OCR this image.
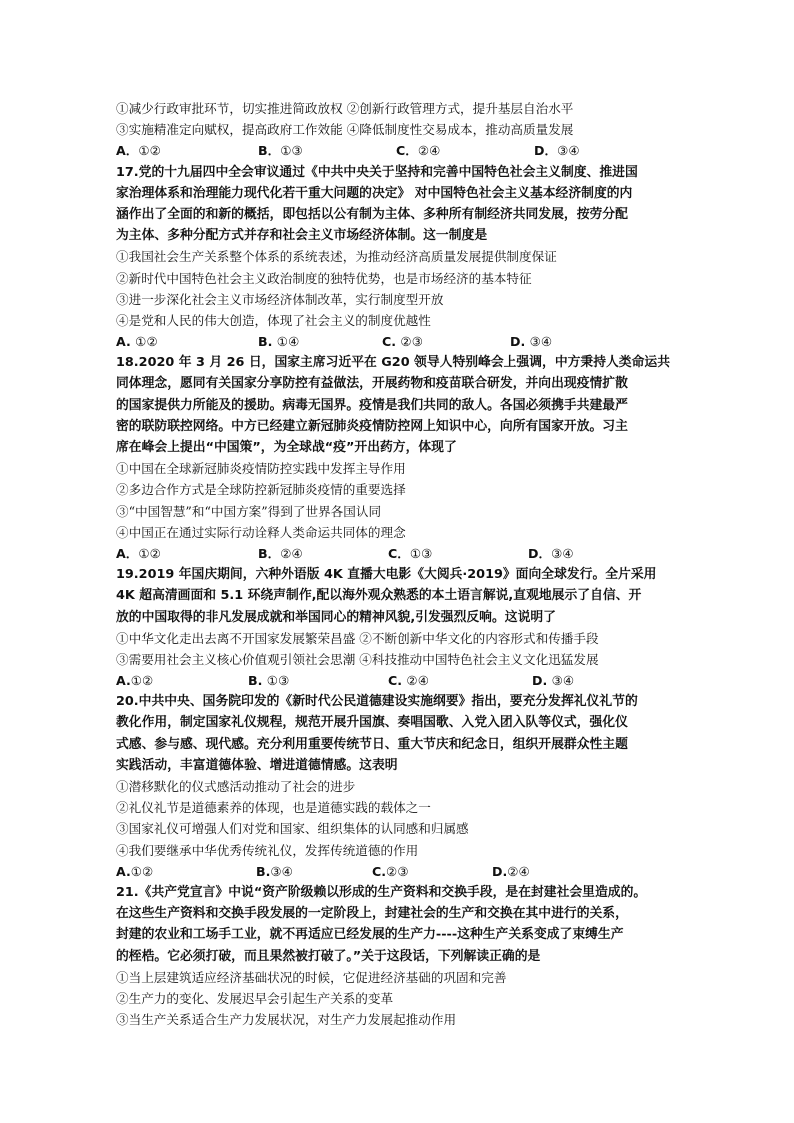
①减少行政审批环节，切实推进简政放权 ②创新行政管理方式，提升基层自治水平
③实施精准定向赋权，提高政府工作效能 ④降低制度性交易成本，推动高质量发展
A．①②	B．①③	C．②④	D．③④
17.党的十九届四中全会审议通过《中共中央关于坚持和完善中国特色社会主义制度、推进国
家治理体系和治理能力现代化若干重大问题的决定》 对中国特色社会主义基本经济制度的内
涵作出了全面的和新的概括，即包括以公有制为主体、多种所有制经济共同发展，按劳分配
为主体、多种分配方式并存和社会主义市场经济体制。这一制度是
①我国社会生产关系整个体系的系统表述，为推动经济高质量发展提供制度保证
②新时代中国特色社会主义政治制度的独特优势，也是市场经济的基本特征
③进一步深化社会主义市场经济体制改革，实行制度型开放
④是党和人民的伟大创造，体现了社会主义的制度优越性
A. ①②	B. ①④	C. ②③	D. ③④
18.2020 年 3 月 26 日，国家主席习近平在 G20 领导人特别峰会上强调，中方秉持人类命运共
同体理念，愿同有关国家分享防控有益做法，开展药物和疫苗联合研发，并向出现疫情扩散
的国家提供力所能及的援助。病毒无国界。疫情是我们共同的敌人。各国必须携手共建最严
密的联防联控网络。中方已经建立新冠肺炎疫情防控网上知识中心，向所有国家开放。习主
席在峰会上提出“中国策”，为全球战“疫”开出药方，体现了
①中国在全球新冠肺炎疫情防控实践中发挥主导作用
②多边合作方式是全球防控新冠肺炎疫情的重要选择
③“中国智慧”和“中国方案”得到了世界各国认同
④中国正在通过实际行动诠释人类命运共同体的理念
A．①②	B．②④	C．①③	D．③④
19.2019 年国庆期间，六种外语版 4K 直播大电影《大阅兵·2019》面向全球发行。全片采用
4K 超高清画面和 5.1 环绕声制作,配以海外观众熟悉的本土语言解说,直观地展示了自信、开
放的中国取得的非凡发展成就和举国同心的精神风貌,引发强烈反响。这说明了
①中华文化走出去离不开国家发展繁荣昌盛 ②不断创新中华文化的内容形式和传播手段
③需要用社会主义核心价值观引领社会思潮 ④科技推动中国特色社会主义文化迅猛发展
A.①②	B. ①③	C. ②④	D. ③④
20.中共中央、国务院印发的《新时代公民道德建设实施纲要》指出，要充分发挥礼仪礼节的
教化作用，制定国家礼仪规程，规范开展升国旗、奏唱国歌、入党入团入队等仪式，强化仪
式感、参与感、现代感。充分利用重要传统节日、重大节庆和纪念日，组织开展群众性主题
实践活动，丰富道德体验、增进道德情感。这表明
①潜移默化的仪式感活动推动了社会的进步
②礼仪礼节是道德素养的体现，也是道德实践的载体之一
③国家礼仪可增强人们对党和国家、组织集体的认同感和归属感
④我们要继承中华优秀传统礼仪，发挥传统道德的作用
A.①②	B.③④	C.②③	D.②④
21.《共产党宣言》中说“资产阶级赖以形成的生产资料和交换手段，是在封建社会里造成的。
在这些生产资料和交换手段发展的一定阶段上，封建社会的生产和交换在其中进行的关系，
封建的农业和工场手工业，就不再适应已经发展的生产力----这种生产关系变成了束缚生产
的桎梏。它必须打破，而且果然被打破了。”关于这段话，下列解读正确的是
①当上层建筑适应经济基础状况的时候，它促进经济基础的巩固和完善
②生产力的变化、发展迟早会引起生产关系的变革
③当生产关系适合生产力发展状况，对生产力发展起推动作用
